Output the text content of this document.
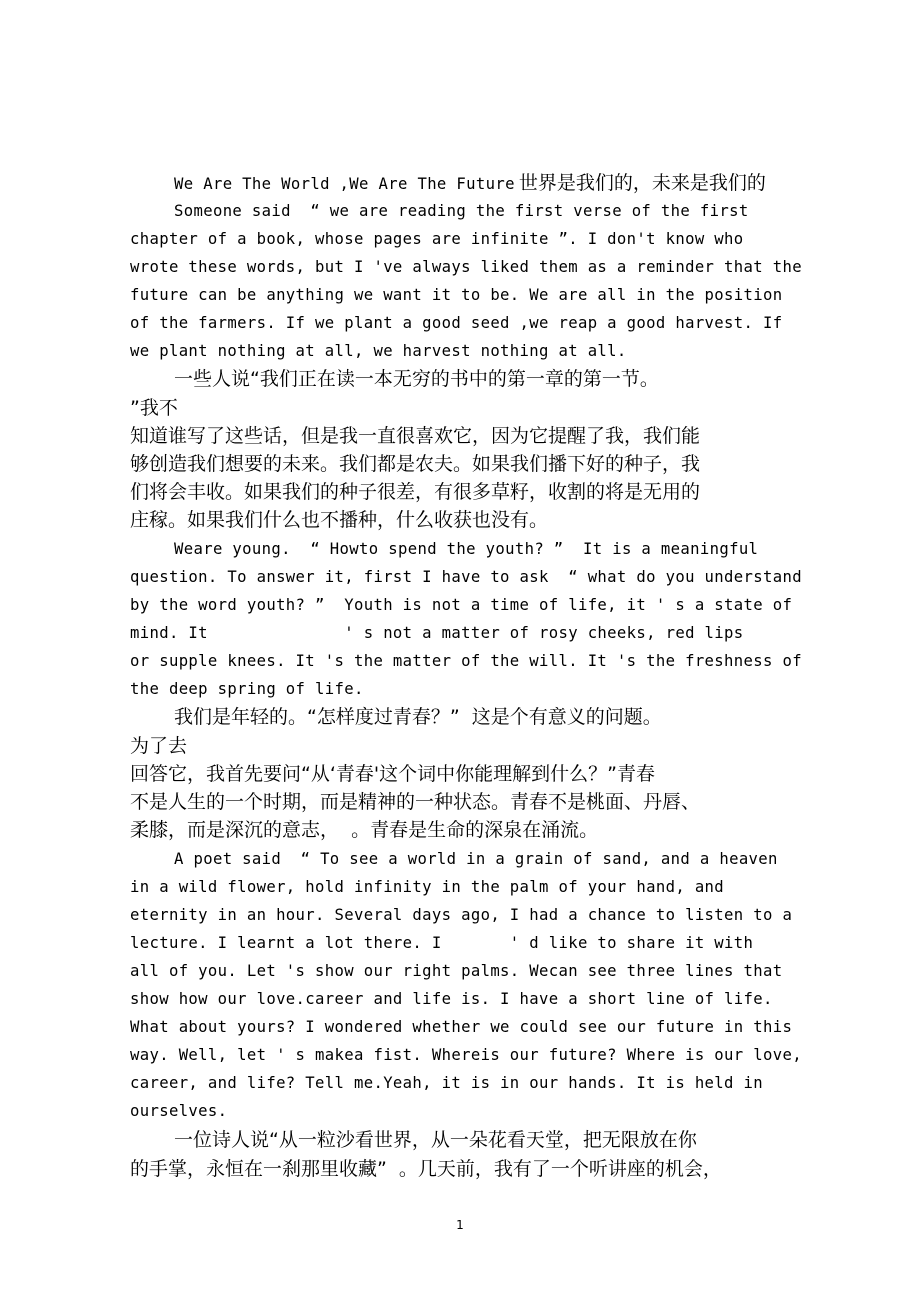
We Are The World ,We Are The Future 世界是我们的，未来是我们的

Someone said  “ we are reading the first verse of the first

chapter of a book, whose pages are infinite ”. I don't know who

wrote these words, but I 've always liked them as a reminder that the

future can be anything we want it to be. We are all in the position

of the farmers. If we plant a good seed ,we reap a good harvest. If

we plant nothing at all, we harvest nothing at all.

一些人说“我们正在读一本无穷的书中的第一章的第一节。

”我不

知道谁写了这些话，但是我一直很喜欢它，因为它提醒了我，我们能

够创造我们想要的未来。我们都是农夫。如果我们播下好的种子，我

们将会丰收。如果我们的种子很差，有很多草籽，收割的将是无用的

庄稼。如果我们什么也不播种，什么收获也没有。

Weare young.  “ Howto spend the youth? ”  It is a meaningful

question. To answer it, first I have to ask  “ what do you understand

by the word youth? ”  Youth is not a time of life, it ' s a state of

mind. It              ' s not a matter of rosy cheeks, red lips

or supple knees. It 's the matter of the will. It 's the freshness of

the deep spring of life.

我们是年轻的。“怎样度过青春？”  这是个有意义的问题。

为了去

回答它，我首先要问“从‘青春'这个词中你能理解到什么？”青春

不是人生的一个时期，而是精神的一种状态。青春不是桃面、丹唇、

柔膝，而是深沉的意志，  。青春是生命的深泉在涌流。

A poet said  “ To see a world in a grain of sand, and a heaven

in a wild flower, hold infinity in the palm of your hand, and

eternity in an hour. Several days ago, I had a chance to listen to a

lecture. I learnt a lot there. I       ' d like to share it with

all of you. Let 's show our right palms. Wecan see three lines that

show how our love.career and life is. I have a short line of life.

What about yours? I wondered whether we could see our future in this

way. Well, let ' s makea fist. Whereis our future? Where is our love,

career, and life? Tell me.Yeah, it is in our hands. It is held in

ourselves.

一位诗人说“从一粒沙看世界，从一朵花看天堂，把无限放在你

的手掌，永恒在一刹那里收藏”  。几天前，我有了一个听讲座的机会，

1
